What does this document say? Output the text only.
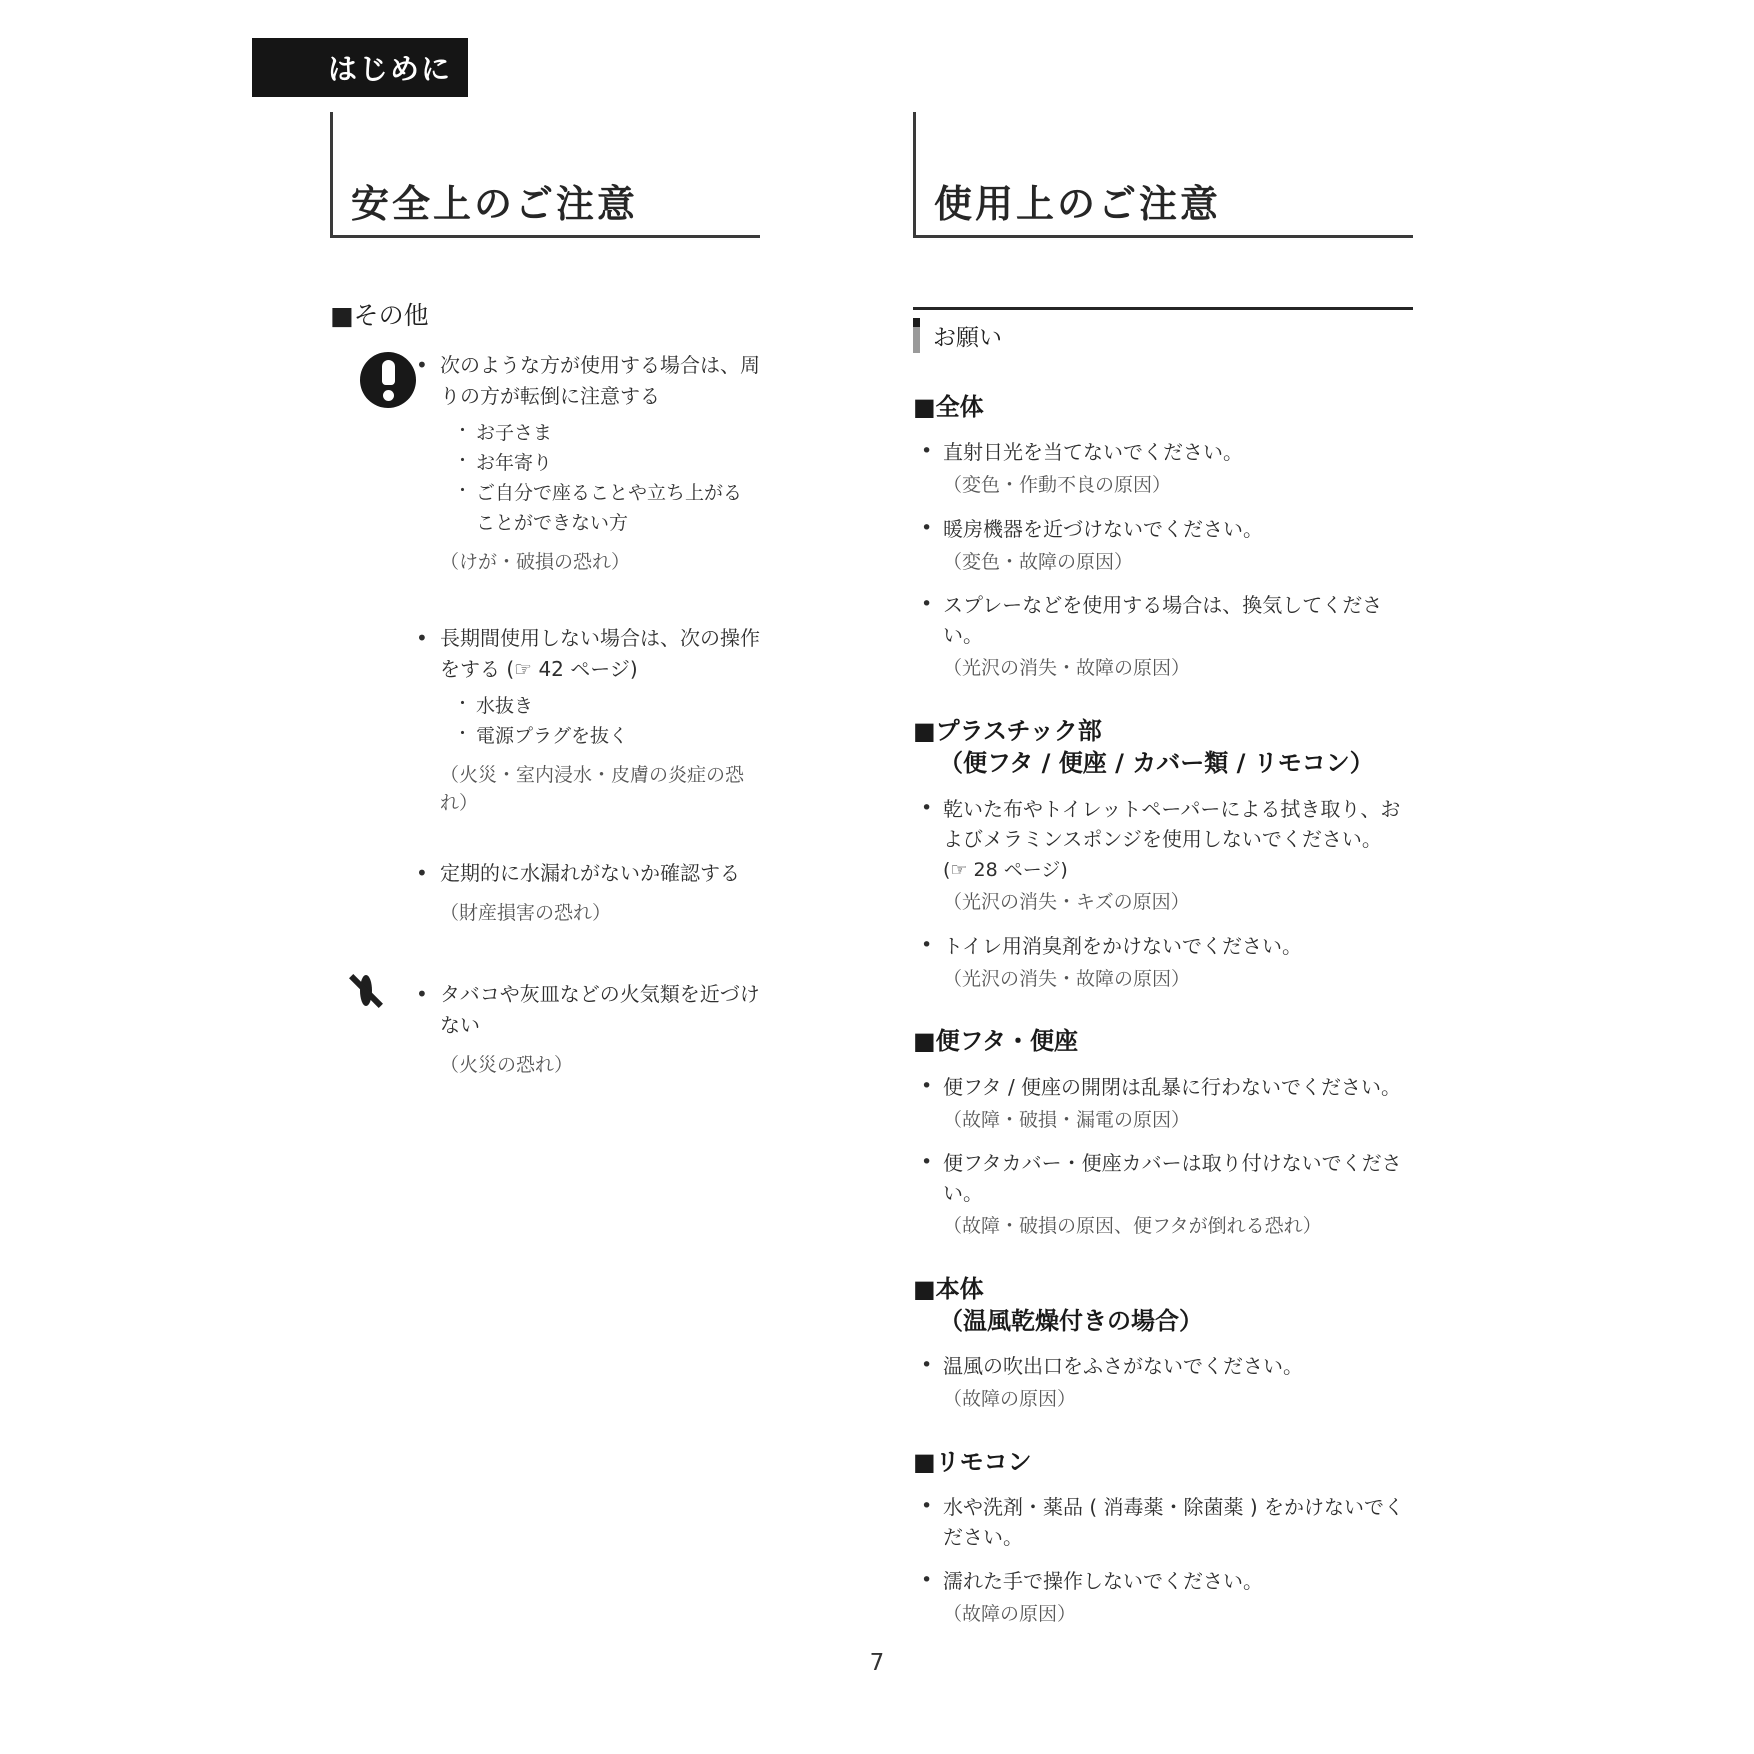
はじめに
安全上のご注意
■その他
• 次のような方が使用する場合は、周りの方が転倒に注意する
・ お子さま
・ お年寄り
・ ご自分で座ることや立ち上がることができない方
（けが・破損の恐れ）
• 長期間使用しない場合は、次の操作をする (☞ 42 ページ)
・ 水抜き
・ 電源プラグを抜く
（火災・室内浸水・皮膚の炎症の恐れ）
• 定期的に水漏れがないか確認する
（財産損害の恐れ）
• タバコや灰皿などの火気類を近づけない
（火災の恐れ）
使用上のご注意
お願い
■全体
• 直射日光を当てないでください。
（変色・作動不良の原因）
• 暖房機器を近づけないでください。
（変色・故障の原因）
• スプレーなどを使用する場合は、換気してください。
（光沢の消失・故障の原因）
■プラスチック部
（便フタ / 便座 / カバー類 / リモコン）
• 乾いた布やトイレットペーパーによる拭き取り、およびメラミンスポンジを使用しないでください。
(☞ 28 ページ)
（光沢の消失・キズの原因）
• トイレ用消臭剤をかけないでください。
（光沢の消失・故障の原因）
■便フタ・便座
• 便フタ / 便座の開閉は乱暴に行わないでください。
（故障・破損・漏電の原因）
• 便フタカバー・便座カバーは取り付けないでください。
（故障・破損の原因、便フタが倒れる恐れ）
■本体
（温風乾燥付きの場合）
• 温風の吹出口をふさがないでください。
（故障の原因）
■リモコン
• 水や洗剤・薬品 ( 消毒薬・除菌薬 ) をかけないでください。
• 濡れた手で操作しないでください。
（故障の原因）
7
